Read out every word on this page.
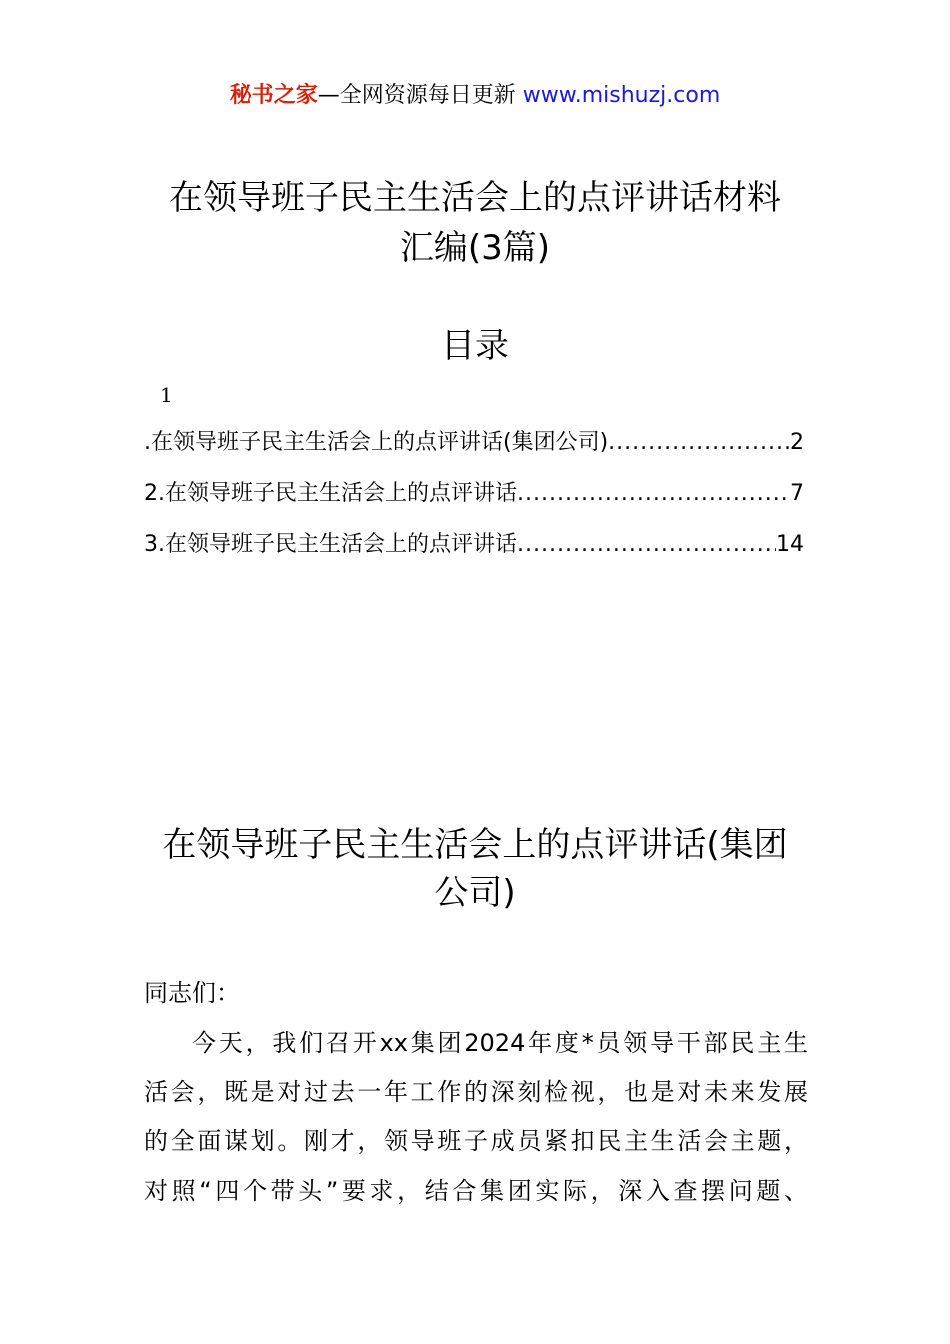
秘书之家—全网资源每日更新 www.mishuzj.com
在领导班子民主生活会上的点评讲话材料
汇编(3篇)
目录
1
.在领导班子民主生活会上的点评讲话(集团公司) .....	2
2.在领导班子民主生活会上的点评讲话 .....	7
3.在领导班子民主生活会上的点评讲话 .....	14
在领导班子民主生活会上的点评讲话(集团
公司)
同志们：
今天，我们召开xx集团2024年度*员领导干部民主生
活会，既是对过去一年工作的深刻检视，也是对未来发展
的全面谋划。刚才，领导班子成员紧扣民主生活会主题，
对照“四个带头”要求，结合集团实际，深入查摆问题、
